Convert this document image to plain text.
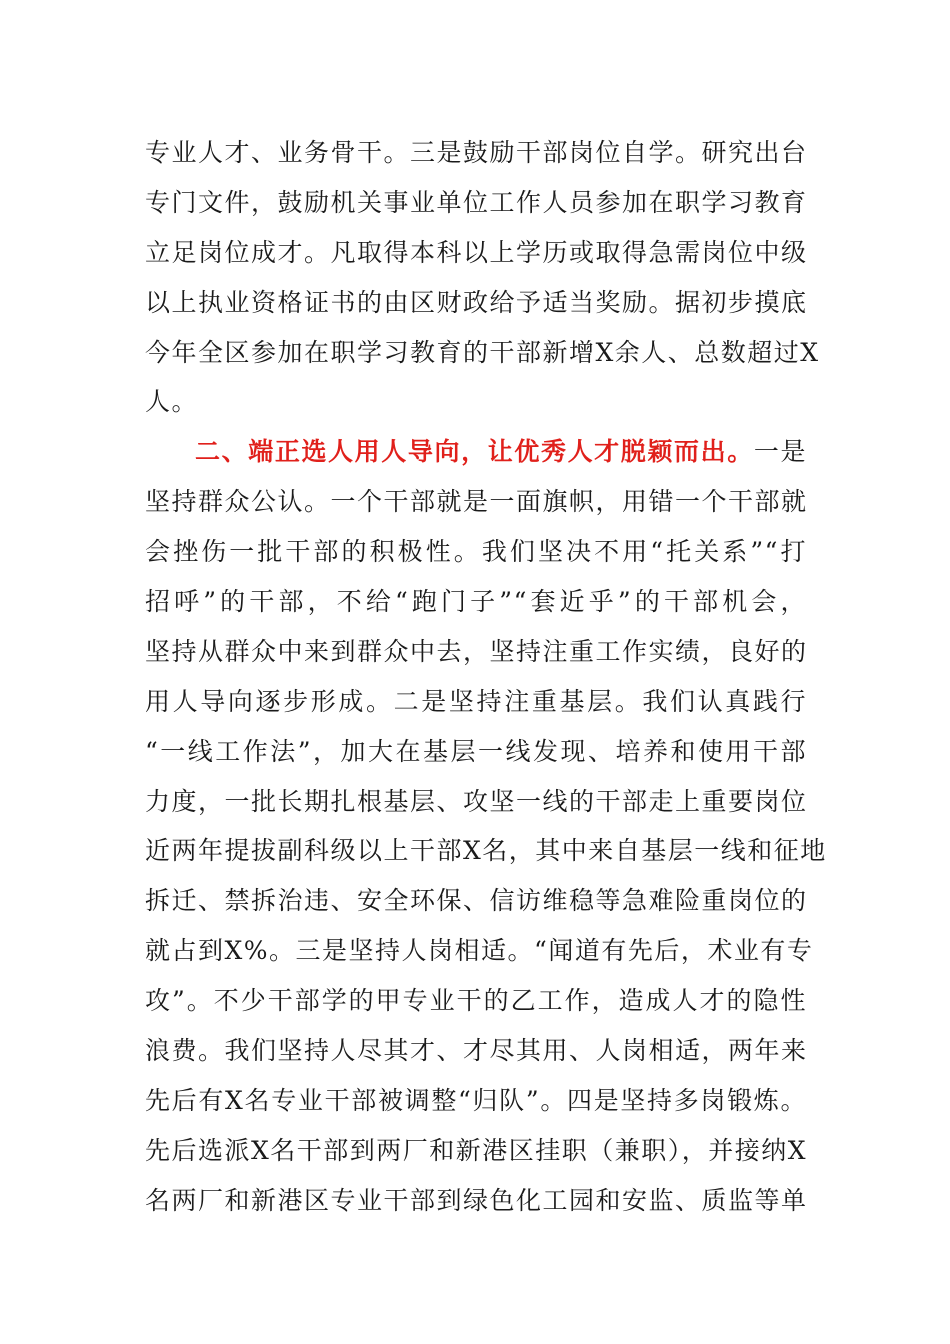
专业人才、业务骨干。三是鼓励干部岗位自学。研究出台
专门文件，鼓励机关事业单位工作人员参加在职学习教育
立足岗位成才。凡取得本科以上学历或取得急需岗位中级
以上执业资格证书的由区财政给予适当奖励。据初步摸底
今年全区参加在职学习教育的干部新增X余人、总数超过X
人。
二、端正选人用人导向，让优秀人才脱颖而出。一是
坚持群众公认。一个干部就是一面旗帜，用错一个干部就
会挫伤一批干部的积极性。我们坚决不用“托关系”“打
招呼”的干部，不给“跑门子”“套近乎”的干部机会，
坚持从群众中来到群众中去，坚持注重工作实绩，良好的
用人导向逐步形成。二是坚持注重基层。我们认真践行
“一线工作法”，加大在基层一线发现、培养和使用干部
力度，一批长期扎根基层、攻坚一线的干部走上重要岗位
近两年提拔副科级以上干部X名，其中来自基层一线和征地
拆迁、禁拆治违、安全环保、信访维稳等急难险重岗位的
就占到X%。三是坚持人岗相适。“闻道有先后，术业有专
攻”。不少干部学的甲专业干的乙工作，造成人才的隐性
浪费。我们坚持人尽其才、才尽其用、人岗相适，两年来
先后有X名专业干部被调整“归队”。四是坚持多岗锻炼。
先后选派X名干部到两厂和新港区挂职（兼职），并接纳X
名两厂和新港区专业干部到绿色化工园和安监、质监等单
